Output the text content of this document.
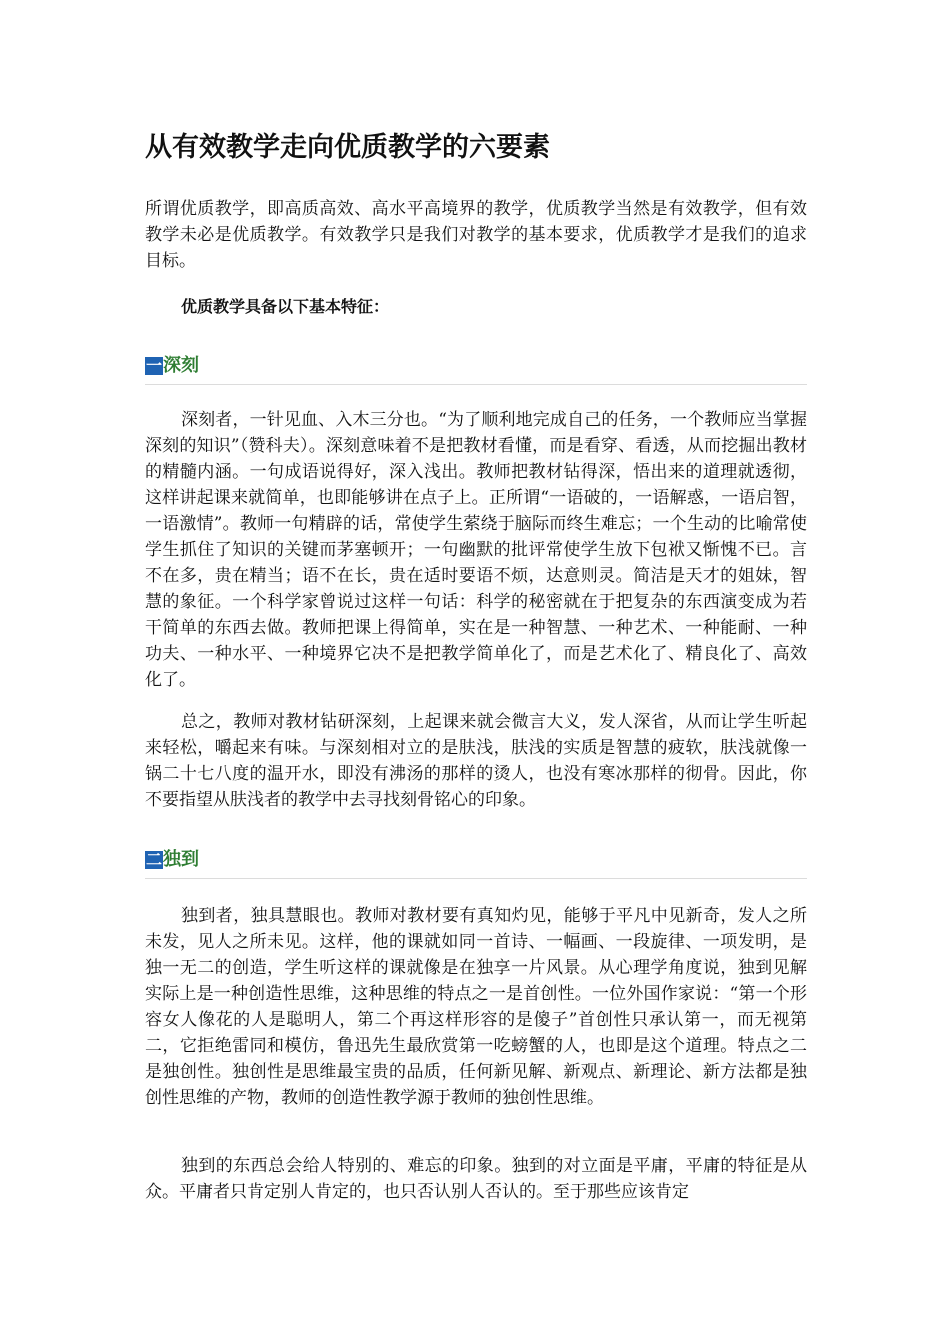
从有效教学走向优质教学的六要素

所谓优质教学，即高质高效、高水平高境界的教学，优质教学当然是有效教学，但有效教学未必是优质教学。有效教学只是我们对教学的基本要求，优质教学才是我们的追求目标。

优质教学具备以下基本特征：

一 深刻

深刻者，一针见血、入木三分也。“为了顺利地完成自己的任务，一个教师应当掌握深刻的知识”（赞科夫）。深刻意味着不是把教材看懂，而是看穿、看透，从而挖掘出教材的精髓内涵。一句成语说得好，深入浅出。教师把教材钻得深，悟出来的道理就透彻，这样讲起课来就简单，也即能够讲在点子上。正所谓“一语破的，一语解惑，一语启智，一语激情”。教师一句精辟的话，常使学生萦绕于脑际而终生难忘；一个生动的比喻常使学生抓住了知识的关键而茅塞顿开；一句幽默的批评常使学生放下包袱又惭愧不已。言不在多，贵在精当；语不在长，贵在适时要语不烦，达意则灵。简洁是天才的姐妹，智慧的象征。一个科学家曾说过这样一句话：科学的秘密就在于把复杂的东西演变成为若干简单的东西去做。教师把课上得简单，实在是一种智慧、一种艺术、一种能耐、一种功夫、一种水平、一种境界它决不是把教学简单化了，而是艺术化了、精良化了、高效化了。

总之，教师对教材钻研深刻，上起课来就会微言大义，发人深省，从而让学生听起来轻松，嚼起来有味。与深刻相对立的是肤浅，肤浅的实质是智慧的疲软，肤浅就像一锅二十七八度的温开水，即没有沸汤的那样的烫人，也没有寒冰那样的彻骨。因此，你不要指望从肤浅者的教学中去寻找刻骨铭心的印象。

二 独到

独到者，独具慧眼也。教师对教材要有真知灼见，能够于平凡中见新奇，发人之所未发，见人之所未见。这样，他的课就如同一首诗、一幅画、一段旋律、一项发明，是独一无二的创造，学生听这样的课就像是在独享一片风景。从心理学角度说，独到见解实际上是一种创造性思维，这种思维的特点之一是首创性。一位外国作家说：“第一个形容女人像花的人是聪明人，第二个再这样形容的是傻子”首创性只承认第一，而无视第二，它拒绝雷同和模仿，鲁迅先生最欣赏第一吃螃蟹的人，也即是这个道理。特点之二是独创性。独创性是思维最宝贵的品质，任何新见解、新观点、新理论、新方法都是独创性思维的产物，教师的创造性教学源于教师的独创性思维。

独到的东西总会给人特别的、难忘的印象。独到的对立面是平庸，平庸的特征是从众。平庸者只肯定别人肯定的，也只否认别人否认的。至于那些应该肯定
